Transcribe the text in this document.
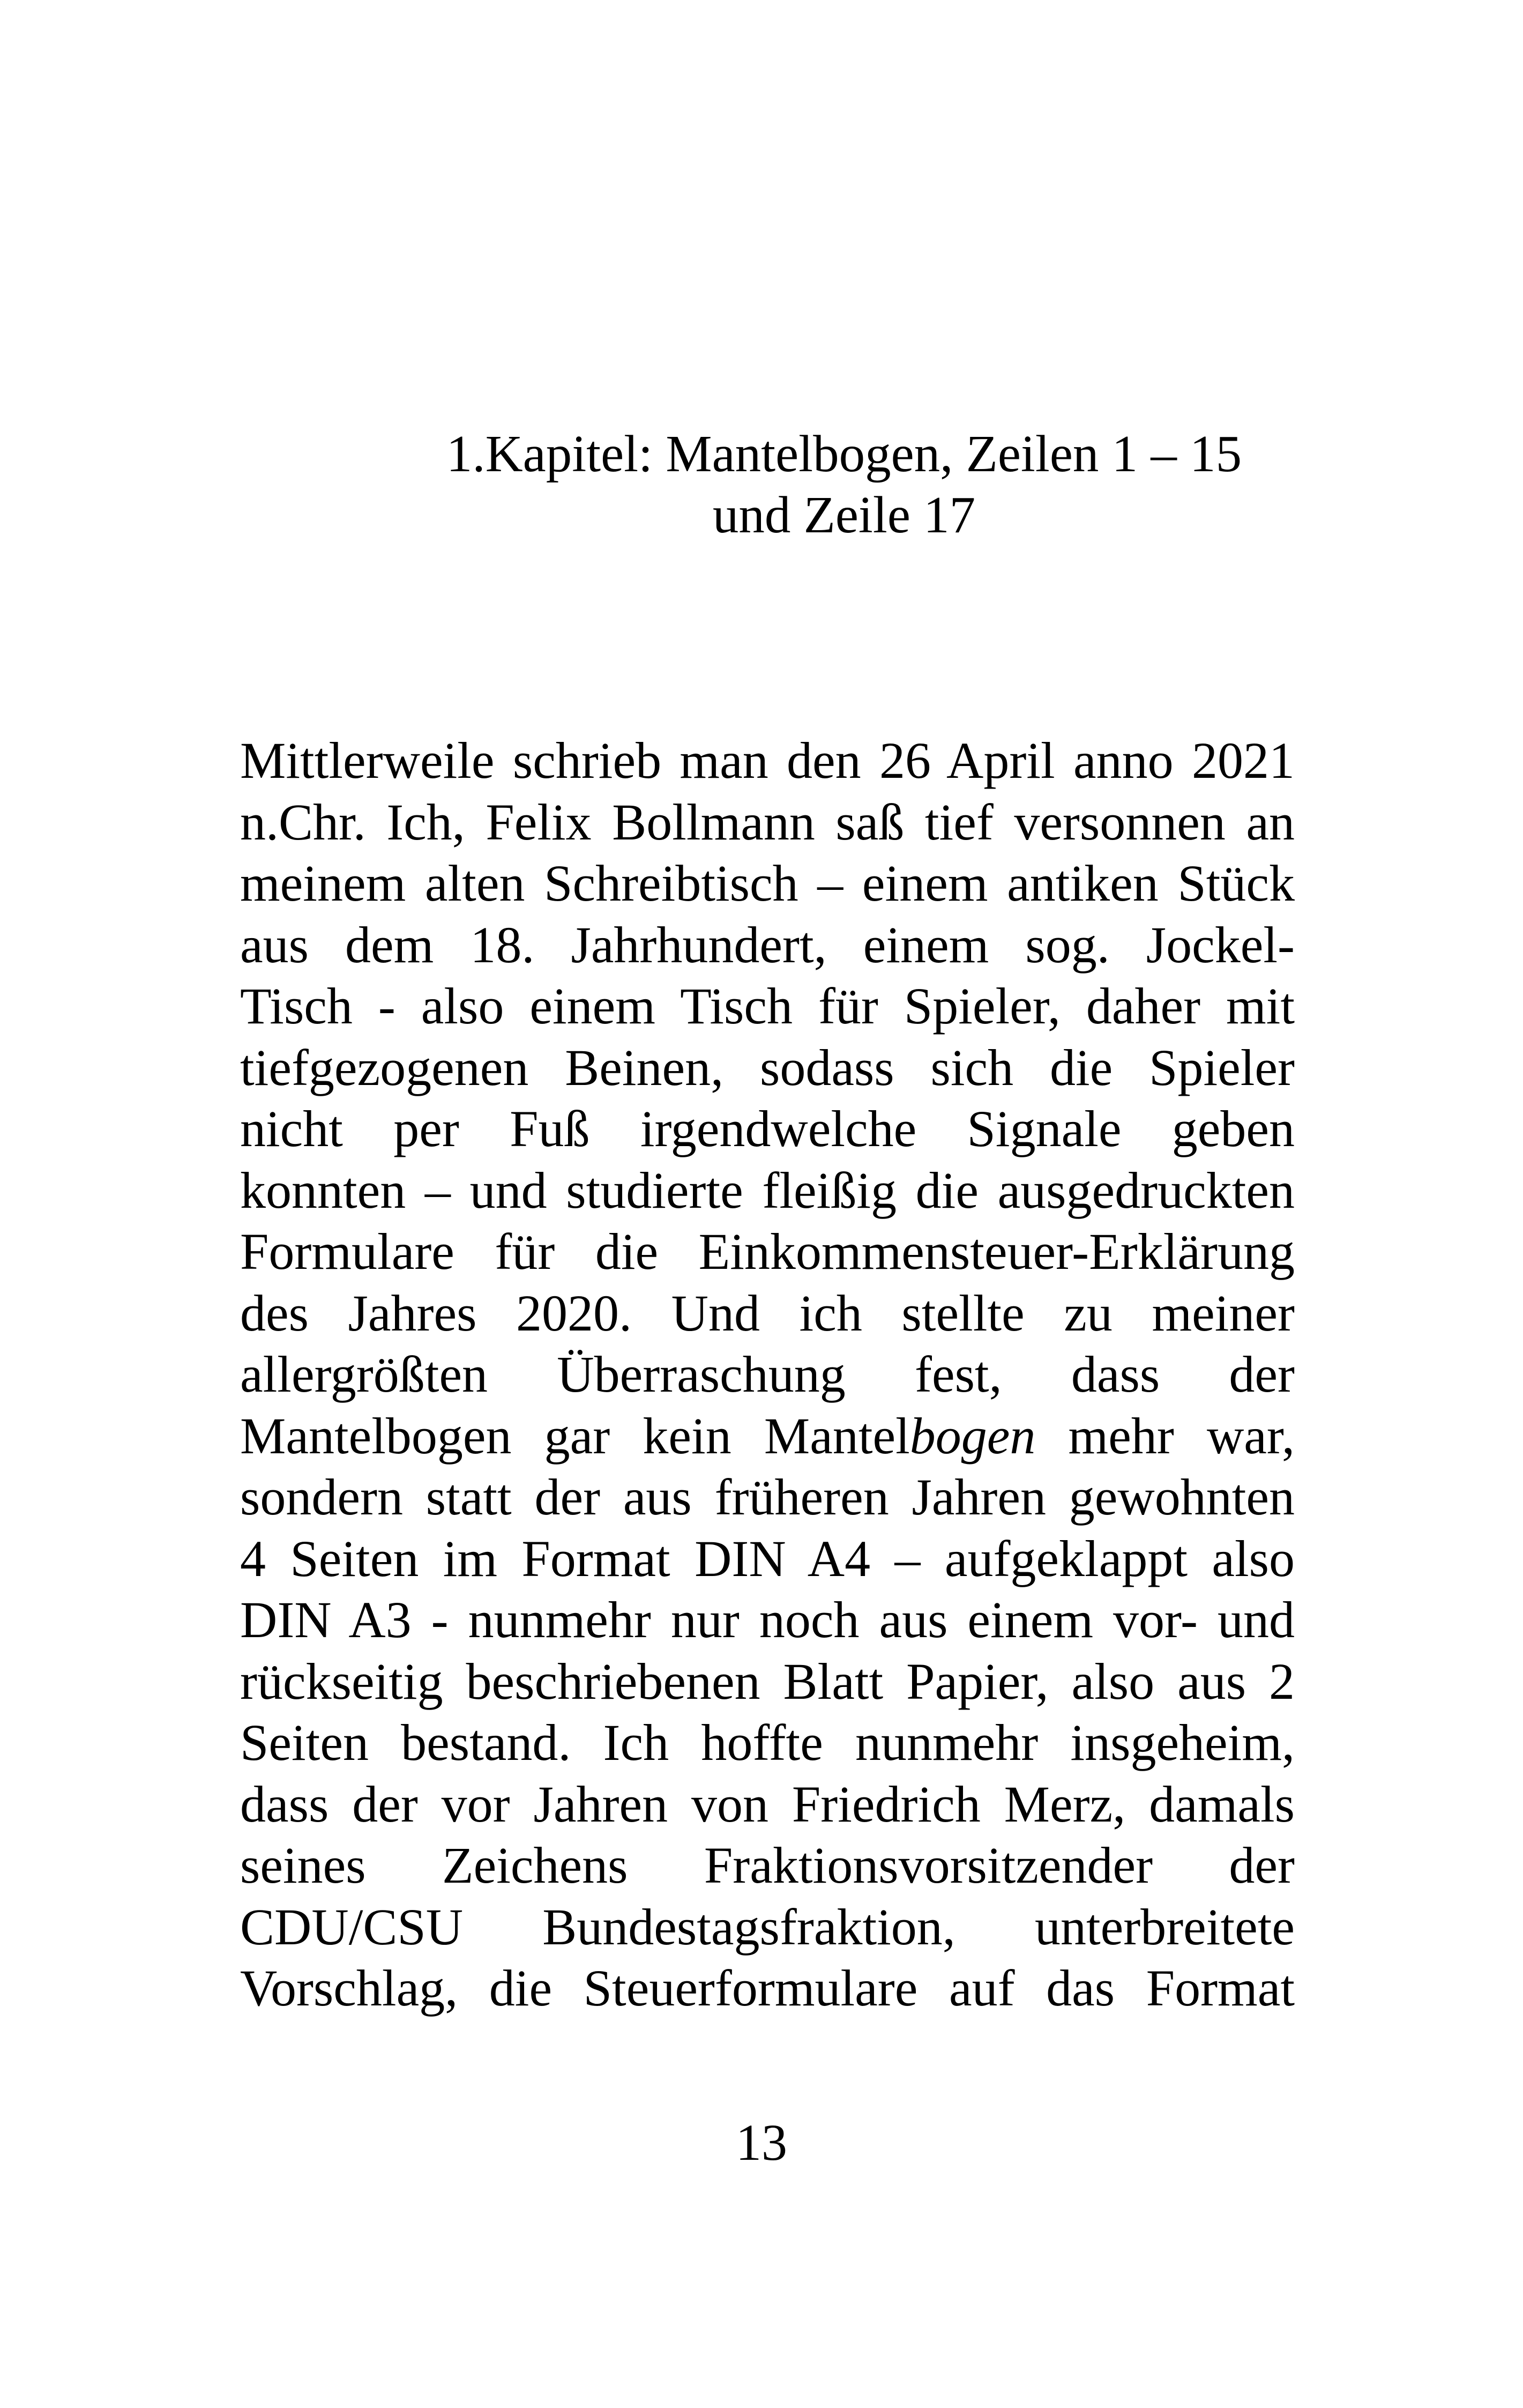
1.Kapitel: Mantelbogen, Zeilen 1 – 15
und Zeile 17
Mittlerweile schrieb man den 26 April anno 2021
n.Chr. Ich, Felix Bollmann saß tief versonnen an
meinem alten Schreibtisch – einem antiken Stück
aus dem 18. Jahrhundert, einem sog. Jockel-
Tisch - also einem Tisch für Spieler, daher mit
tiefgezogenen Beinen, sodass sich die Spieler
nicht per Fuß irgendwelche Signale geben
konnten – und studierte fleißig die ausgedruckten
Formulare für die Einkommensteuer-Erklärung
des Jahres 2020. Und ich stellte zu meiner
allergrößten Überraschung fest, dass der
Mantelbogen gar kein Mantelbogen mehr war,
sondern statt der aus früheren Jahren gewohnten
4 Seiten im Format DIN A4 – aufgeklappt also
DIN A3 - nunmehr nur noch aus einem vor- und
rückseitig beschriebenen Blatt Papier, also aus 2
Seiten bestand. Ich hoffte nunmehr insgeheim,
dass der vor Jahren von Friedrich Merz, damals
seines Zeichens Fraktionsvorsitzender der
CDU/CSU Bundestagsfraktion, unterbreitete
Vorschlag, die Steuerformulare auf das Format
13
